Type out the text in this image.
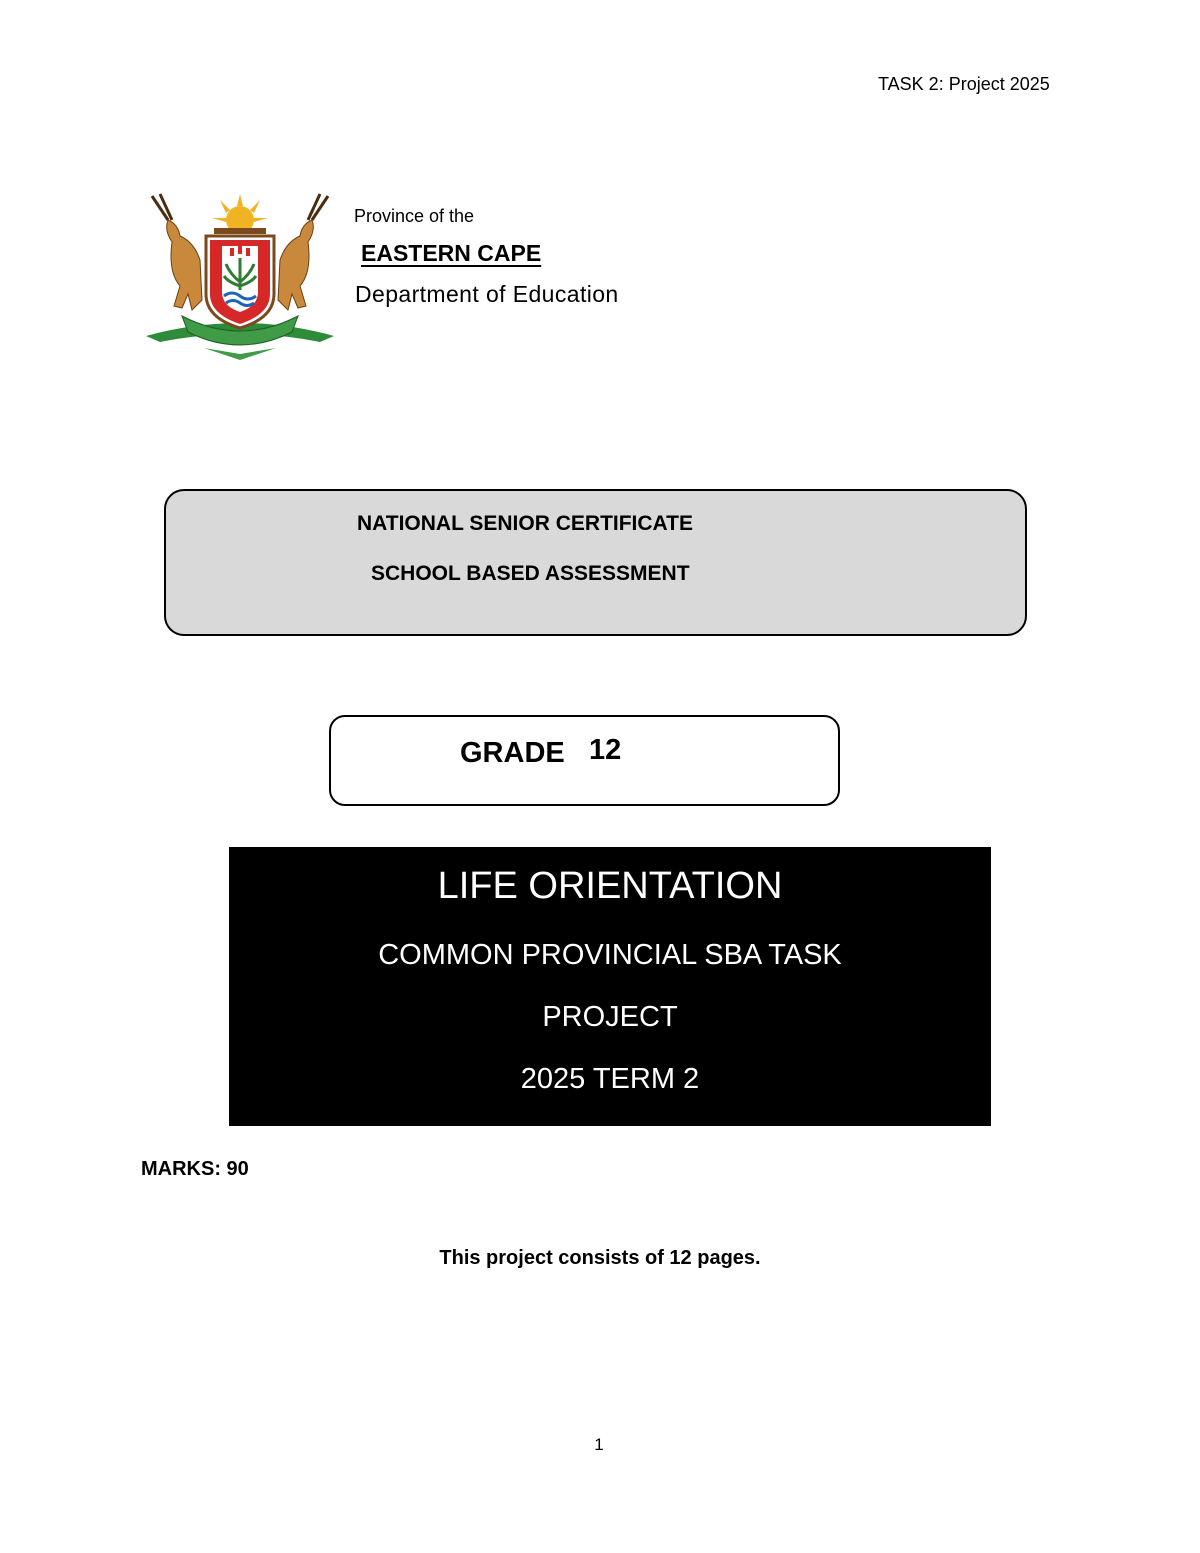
TASK 2: Project 2025
Province of the
EASTERN CAPE
Department of Education
NATIONAL SENIOR CERTIFICATE
SCHOOL BASED ASSESSMENT
GRADE 12
LIFE ORIENTATION
COMMON PROVINCIAL SBA TASK
PROJECT
2025 TERM 2
MARKS: 90
This project consists of 12 pages.
1
